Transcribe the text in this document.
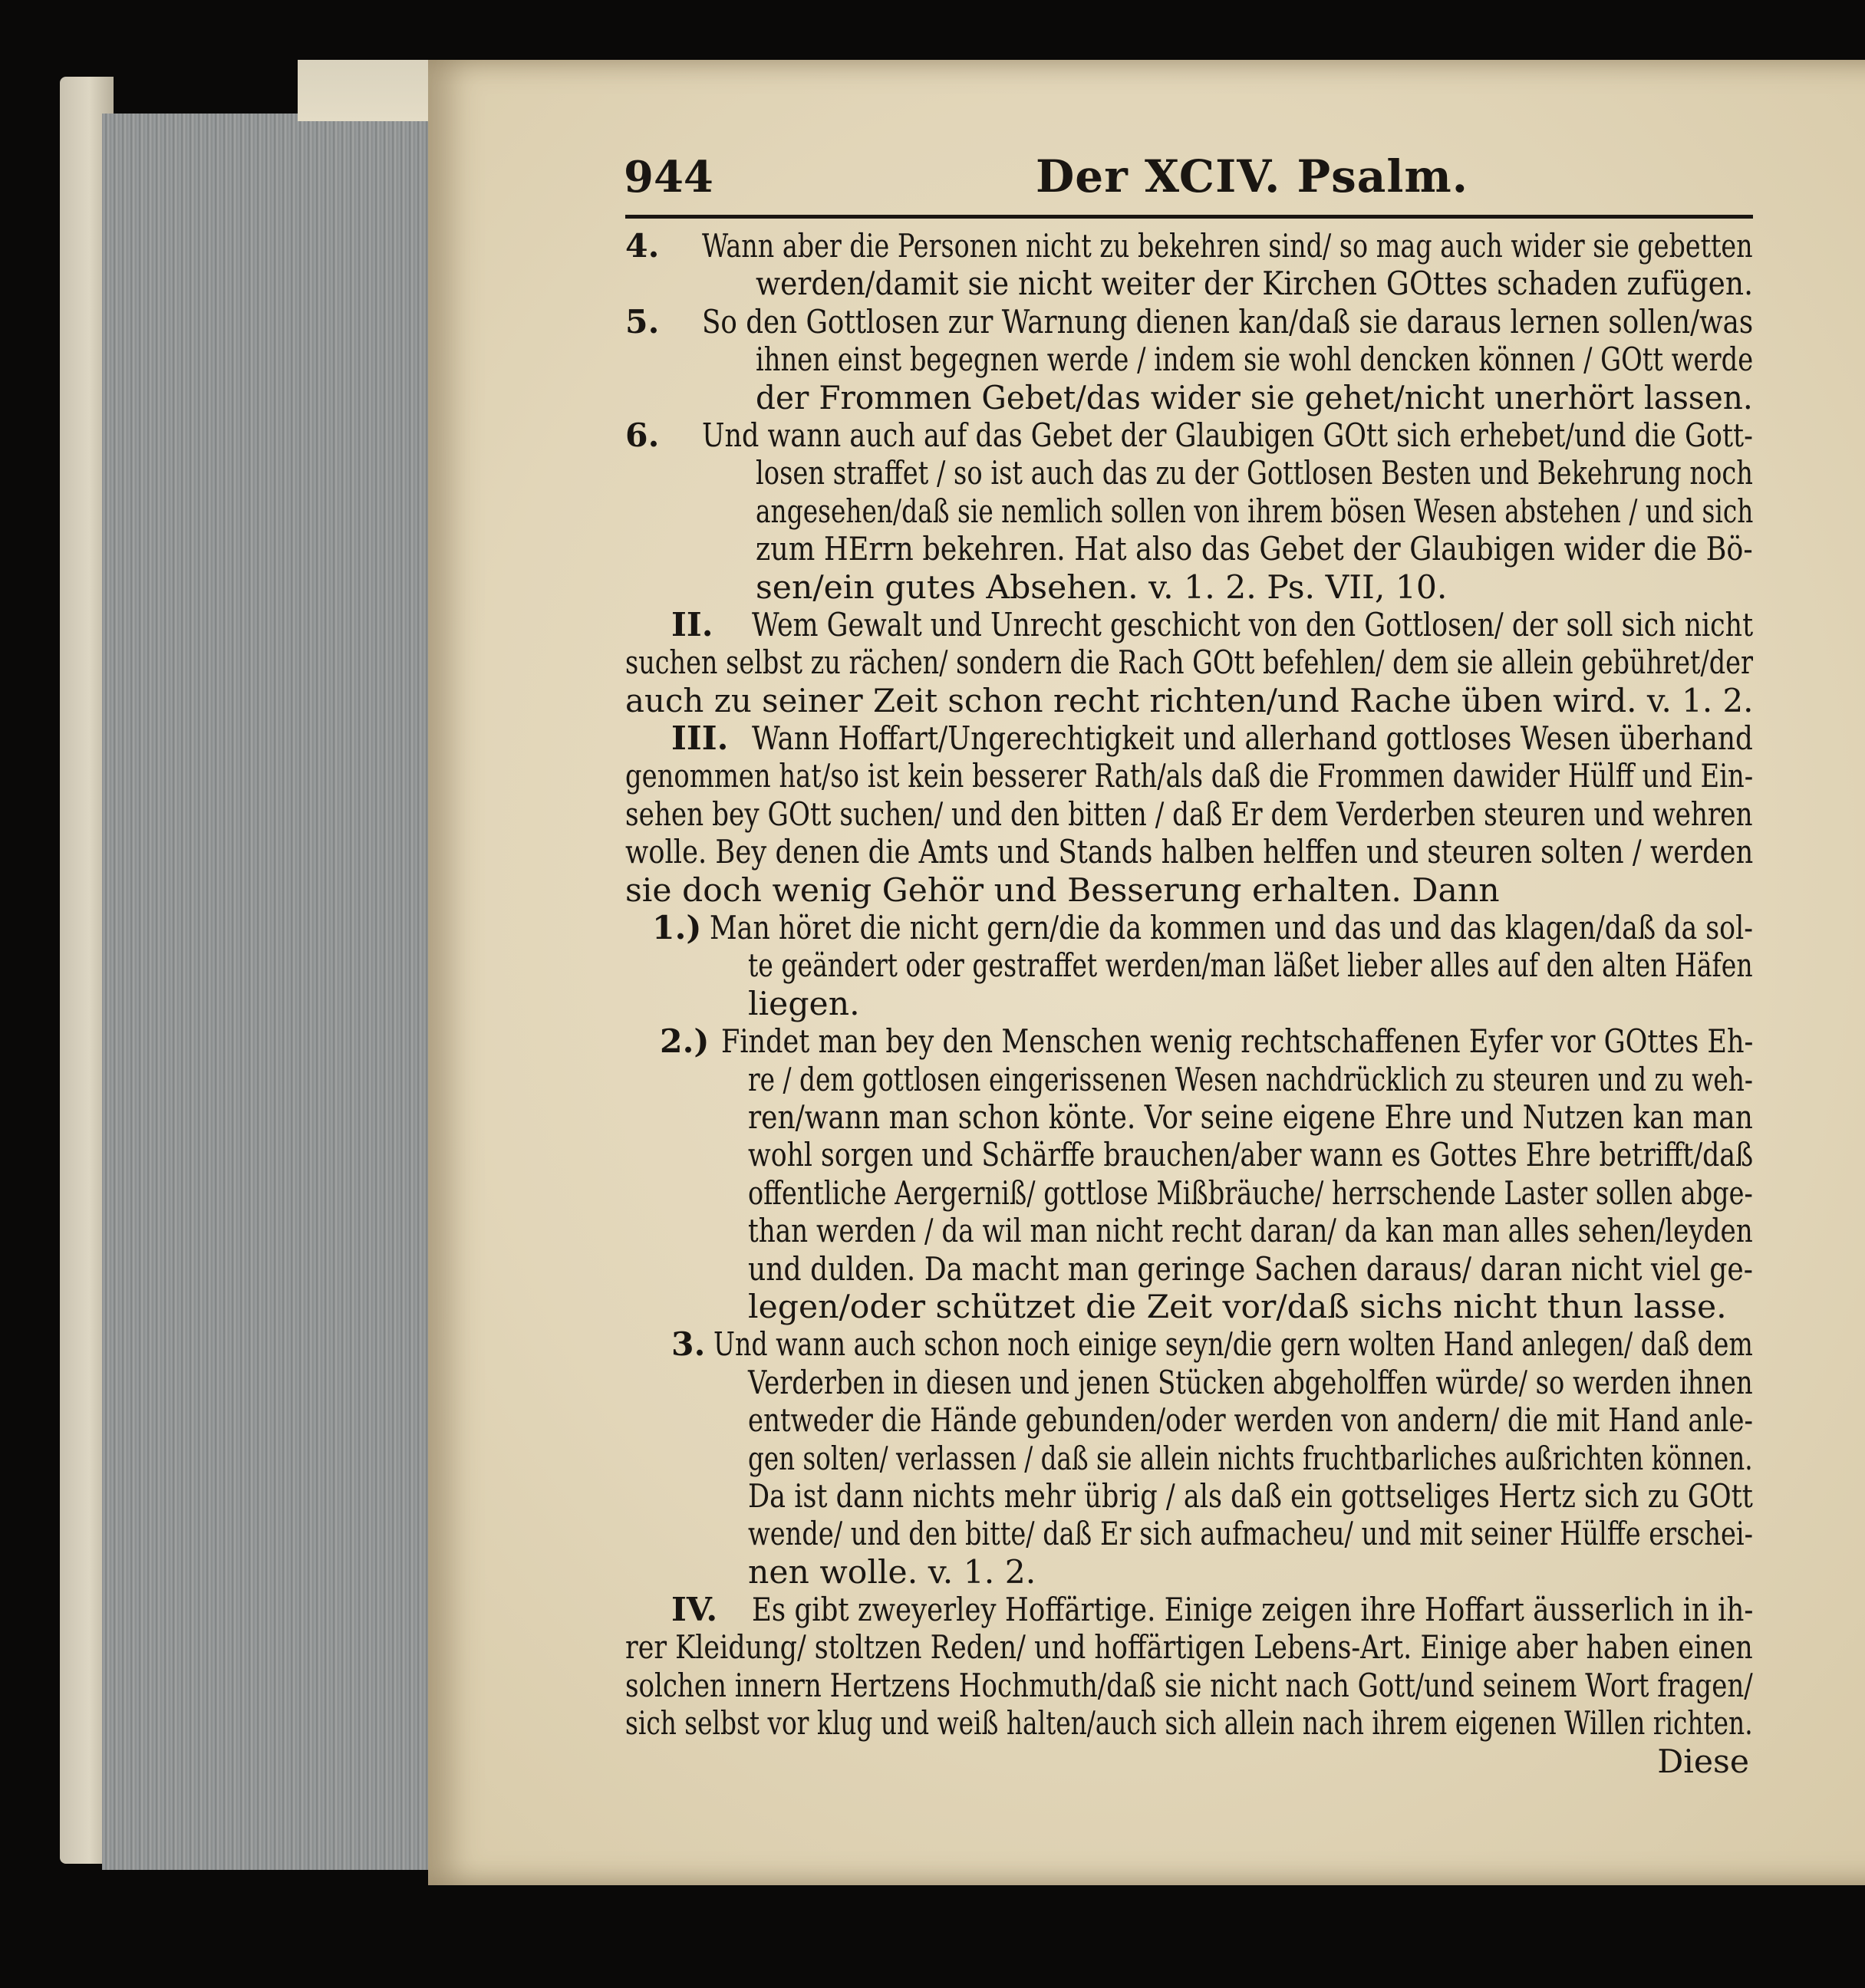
944	Der XCIV. Psalm.
4. Wann aber die Personen nicht zu bekehren sind/ so mag auch wider sie gebetten
werden/damit sie nicht weiter der Kirchen GOttes schaden zufügen.
5. So den Gottlosen zur Warnung dienen kan/daß sie daraus lernen sollen/was
ihnen einst begegnen werde / indem sie wohl dencken können / GOtt werde
der Frommen Gebet/das wider sie gehet/nicht unerhört lassen.
6. Und wann auch auf das Gebet der Glaubigen GOtt sich erhebet/und die Gott-
losen straffet / so ist auch das zu der Gottlosen Besten und Bekehrung noch
angesehen/daß sie nemlich sollen von ihrem bösen Wesen abstehen / und sich
zum HErrn bekehren. Hat also das Gebet der Glaubigen wider die Bö-
sen/ein gutes Absehen. v. 1. 2. Ps. VII, 10.
II. Wem Gewalt und Unrecht geschicht von den Gottlosen/ der soll sich nicht
suchen selbst zu rächen/ sondern die Rach GOtt befehlen/ dem sie allein gebühret/der
auch zu seiner Zeit schon recht richten/und Rache üben wird. v. 1. 2.
III. Wann Hoffart/Ungerechtigkeit und allerhand gottloses Wesen überhand
genommen hat/so ist kein besserer Rath/als daß die Frommen dawider Hülff und Ein-
sehen bey GOtt suchen/ und den bitten / daß Er dem Verderben steuren und wehren
wolle. Bey denen die Amts und Stands halben helffen und steuren solten / werden
sie doch wenig Gehör und Besserung erhalten. Dann
1.) Man höret die nicht gern/die da kommen und das und das klagen/daß da sol-
te geändert oder gestraffet werden/man läßet lieber alles auf den alten Häfen
liegen.
2.) Findet man bey den Menschen wenig rechtschaffenen Eyfer vor GOttes Eh-
re / dem gottlosen eingerissenen Wesen nachdrücklich zu steuren und zu weh-
ren/wann man schon könte. Vor seine eigene Ehre und Nutzen kan man
wohl sorgen und Schärffe brauchen/aber wann es Gottes Ehre betrifft/daß
offentliche Aergerniß/ gottlose Mißbräuche/ herrschende Laster sollen abge-
than werden / da wil man nicht recht daran/ da kan man alles sehen/leyden
und dulden. Da macht man geringe Sachen daraus/ daran nicht viel ge-
legen/oder schützet die Zeit vor/daß sichs nicht thun lasse.
3. Und wann auch schon noch einige seyn/die gern wolten Hand anlegen/ daß dem
Verderben in diesen und jenen Stücken abgeholffen würde/ so werden ihnen
entweder die Hände gebunden/oder werden von andern/ die mit Hand anle-
gen solten/ verlassen / daß sie allein nichts fruchtbarliches außrichten können.
Da ist dann nichts mehr übrig / als daß ein gottseliges Hertz sich zu GOtt
wende/ und den bitte/ daß Er sich aufmacheu/ und mit seiner Hülffe erschei-
nen wolle. v. 1. 2.
IV. Es gibt zweyerley Hoffärtige. Einige zeigen ihre Hoffart äusserlich in ih-
rer Kleidung/ stoltzen Reden/ und hoffärtigen Lebens-Art. Einige aber haben einen
solchen innern Hertzens Hochmuth/daß sie nicht nach Gott/und seinem Wort fragen/
sich selbst vor klug und weiß halten/auch sich allein nach ihrem eigenen Willen richten.
Diese
